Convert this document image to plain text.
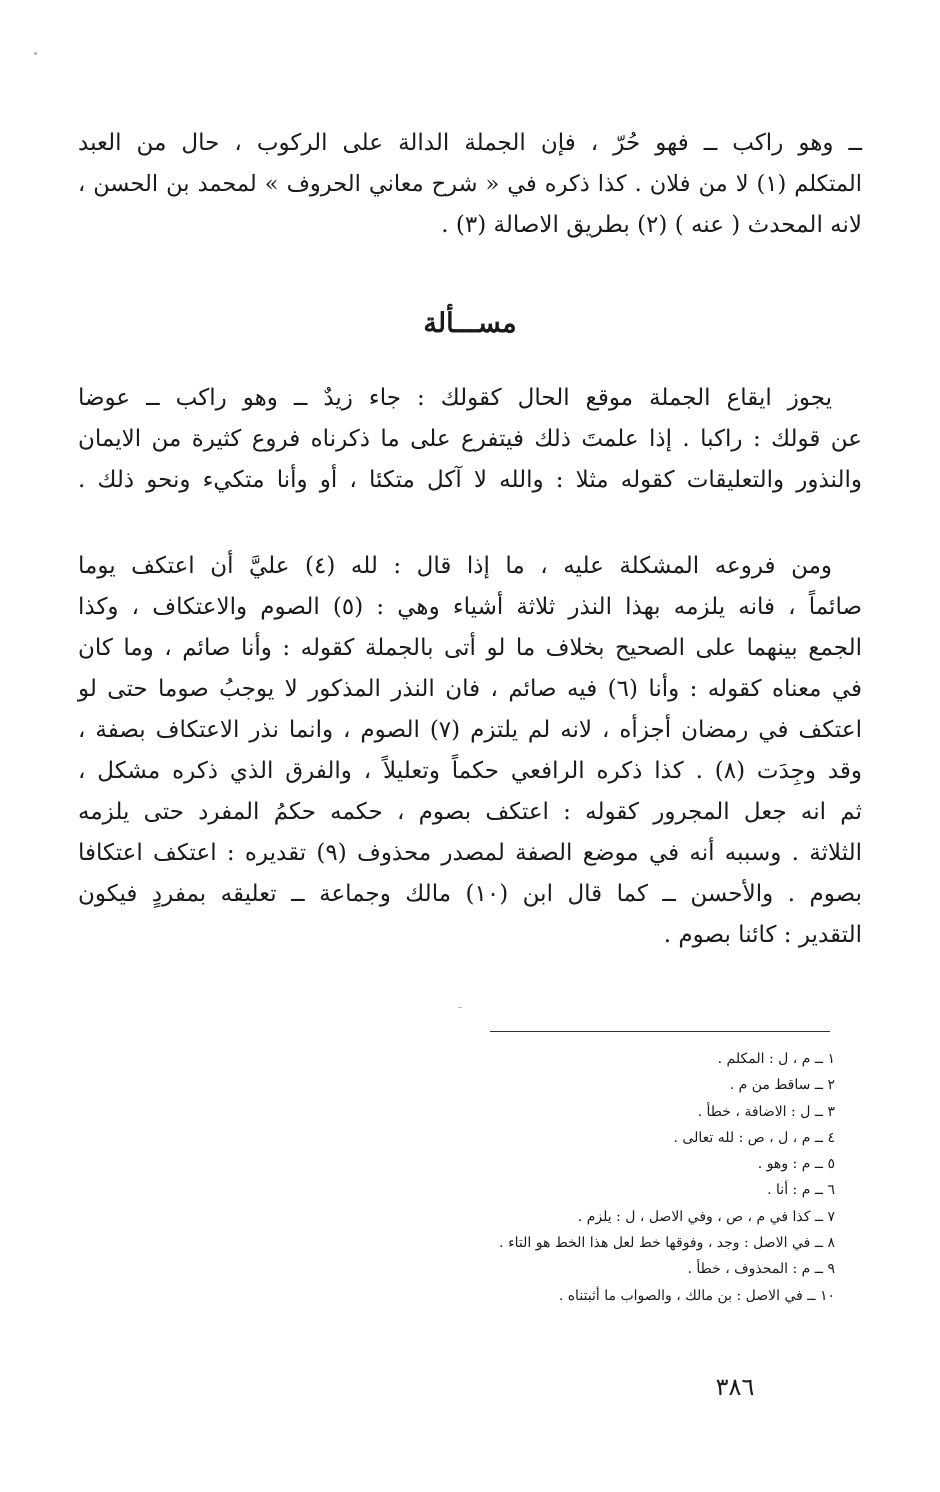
ــ وهو راكب ــ فهو حُرّ ، فإن الجملة الدالة على الركوب ، حال من العبد
المتكلم (١) لا من فلان . كذا ذكره في « شرح معاني الحروف » لمحمد بن الحسن ،
لانه المحدث ( عنه ) (٢) بطريق الاصالة (٣) .
مســـألة
يجوز ايقاع الجملة موقع الحال كقولك : جاء زيدٌ ــ وهو راكب ــ عوضا
عن قولك : راكبا . إذا علمتَ ذلك فيتفرع على ما ذكرناه فروع كثيرة من الايمان
والنذور والتعليقات كقوله مثلا : والله لا آكل متكئا ، أو وأنا متكيء ونحو ذلك .
ومن فروعه المشكلة عليه ، ما إذا قال : لله (٤) عليَّ أن اعتكف يوما
صائماً ، فانه يلزمه بهذا النذر ثلاثة أشياء وهي : (٥) الصوم والاعتكاف ، وكذا
الجمع بينهما على الصحيح بخلاف ما لو أتى بالجملة كقوله : وأنا صائم ، وما كان
في معناه كقوله : وأنا (٦) فيه صائم ، فان النذر المذكور لا يوجبُ صوما حتى لو
اعتكف في رمضان أجزأه ، لانه لم يلتزم (٧) الصوم ، وانما نذر الاعتكاف بصفة ،
وقد وجِدَت (٨) . كذا ذكره الرافعي حكماً وتعليلاً ، والفرق الذي ذكره مشكل ،
ثم انه جعل المجرور كقوله : اعتكف بصوم ، حكمه حكمُ المفرد حتى يلزمه
الثلاثة . وسببه أنه في موضع الصفة لمصدر محذوف (٩) تقديره : اعتكف اعتكافا
بصوم . والأحسن ــ كما قال ابن (١٠) مالك وجماعة ــ تعليقه بمفردٍ فيكون
التقدير : كائنا بصوم .
١ ــ م ، ل : المكلم .
٢ ــ ساقط من م .
٣ ــ ل : الاضافة ، خطأ .
٤ ــ م ، ل ، ص : لله تعالى .
٥ ــ م : وهو .
٦ ــ م : أنا .
٧ ــ كذا في م ، ص ، وفي الاصل ، ل : يلزم .
٨ ــ في الاصل : وجد ، وفوقها خط لعل هذا الخط هو التاء .
٩ ــ م : المحذوف ، خطأ .
١٠ ــ في الاصل : بن مالك ، والصواب ما أثبتناه .
٣٨٦
